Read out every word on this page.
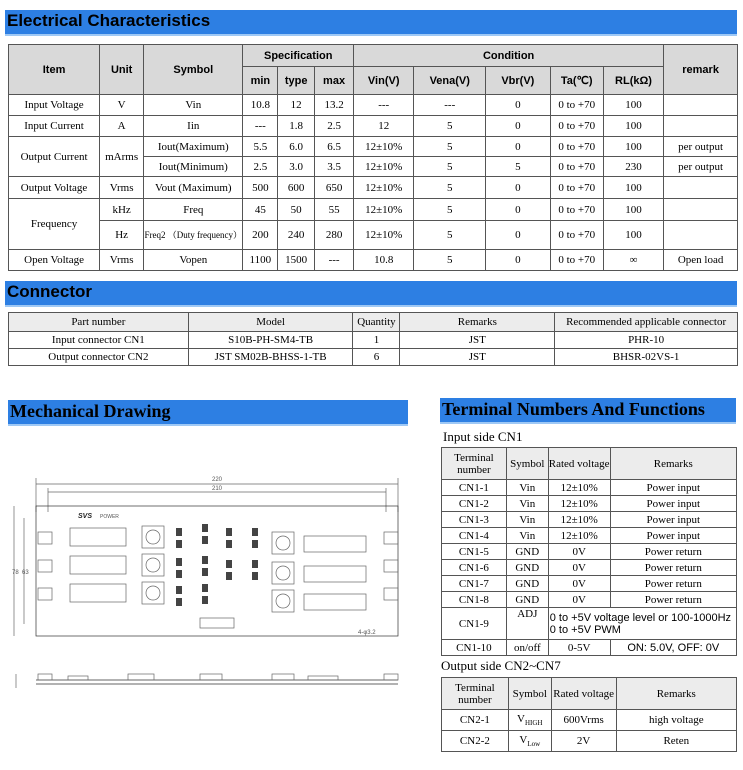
Electrical Characteristics
Item	Unit	Symbol	Specification			Condition					remark
			min	type	max	Vin(V)	Vena(V)	Vbr(V)	Ta(℃)	RL(kΩ)	
Input Voltage	V	Vin	10.8	12	13.2	---	---	0	0 to +70	100	
Input Current	A	Iin	---	1.8	2.5	12	5	0	0 to +70	100	
Output Current	mArms	Iout(Maximum)	5.5	6.0	6.5	12±10%	5	0	0 to +70	100	per output
		Iout(Minimum)	2.5	3.0	3.5	12±10%	5	5	0 to +70	230	per output
Output Voltage	Vrms	Vout (Maximum)	500	600	650	12±10%	5	0	0 to +70	100	
Frequency	kHz	Freq	45	50	55	12±10%	5	0	0 to +70	100	
	Hz	Freq2 （Duty frequency）	200	240	280	12±10%	5	0	0 to +70	100	
Open Voltage	Vrms	Vopen	1100	1500	---	10.8	5	0	0 to +70	∞	Open load
Connector
Part number	Model	Quantity	Remarks	Recommended applicable connector
Input connector CN1	S10B-PH-SM4-TB	1	JST	PHR-10
Output connector CN2	JST SM02B-BHSS-1-TB	6	JST	BHSR-02VS-1
Mechanical Drawing	Terminal Numbers And Functions
220
210
78 63
SVS POWER
4-φ3.2
Input side CN1
Terminal number	Symbol	Rated voltage	Remarks
CN1-1	Vin	12±10%	Power input
CN1-2	Vin	12±10%	Power input
CN1-3	Vin	12±10%	Power input
CN1-4	Vin	12±10%	Power input
CN1-5	GND	0V	Power return
CN1-6	GND	0V	Power return
CN1-7	GND	0V	Power return
CN1-8	GND	0V	Power return
CN1-9	ADJ	0 to +5V voltage level or 100-1000Hz 0 to +5V PWM	
CN1-10	on/off	0-5V	ON: 5.0V, OFF: 0V
Output side CN2~CN7
Terminal number	Symbol	Rated voltage	Remarks
CN2-1	$V_{HIGH}$	600Vrms	high voltage
CN2-2	$V_{Low}$	2V	Reten
